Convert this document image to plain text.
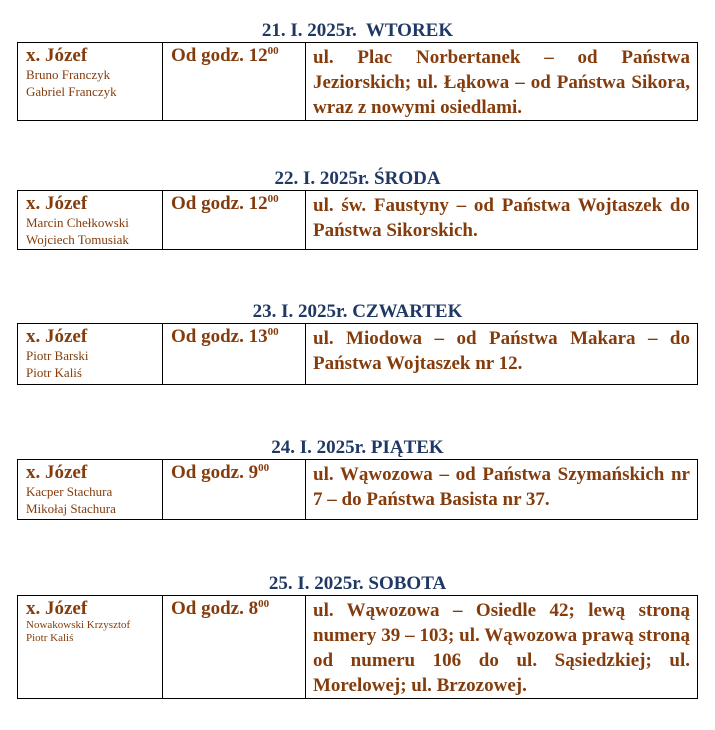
21. I. 2025r.  WTOREK
x. Józef
Bruno Franczyk
Gabriel Franczyk
	Od godz. $12^{00}$	ul. Plac Norbertanek – od Państwa Jeziorskich; ul. Łąkowa – od Państwa Sikora, wraz z nowymi osiedlami.
22. I. 2025r. ŚRODA
x. Józef
Marcin Chełkowski
Wojciech Tomusiak
	Od godz. $12^{00}$	ul. św. Faustyny – od Państwa Wojtaszek do Państwa Sikorskich.
23. I. 2025r. CZWARTEK
x. Józef
Piotr Barski
Piotr Kaliś
	Od godz. $13^{00}$	ul. Miodowa – od Państwa Makara – do Państwa Wojtaszek nr 12.
24. I. 2025r. PIĄTEK
x. Józef
Kacper Stachura
Mikołaj Stachura
	Od godz. $9^{00}$	ul. Wąwozowa – od Państwa Szymańskich nr 7 – do Państwa Basista nr 37.
25. I. 2025r. SOBOTA
x. Józef
Nowakowski Krzysztof
Piotr Kaliś
	Od godz. $8^{00}$	ul. Wąwozowa – Osiedle 42; lewą stroną numery 39 – 103; ul. Wąwozowa prawą stroną od numeru 106 do ul. Sąsiedzkiej; ul. Morelowej; ul. Brzozowej.
